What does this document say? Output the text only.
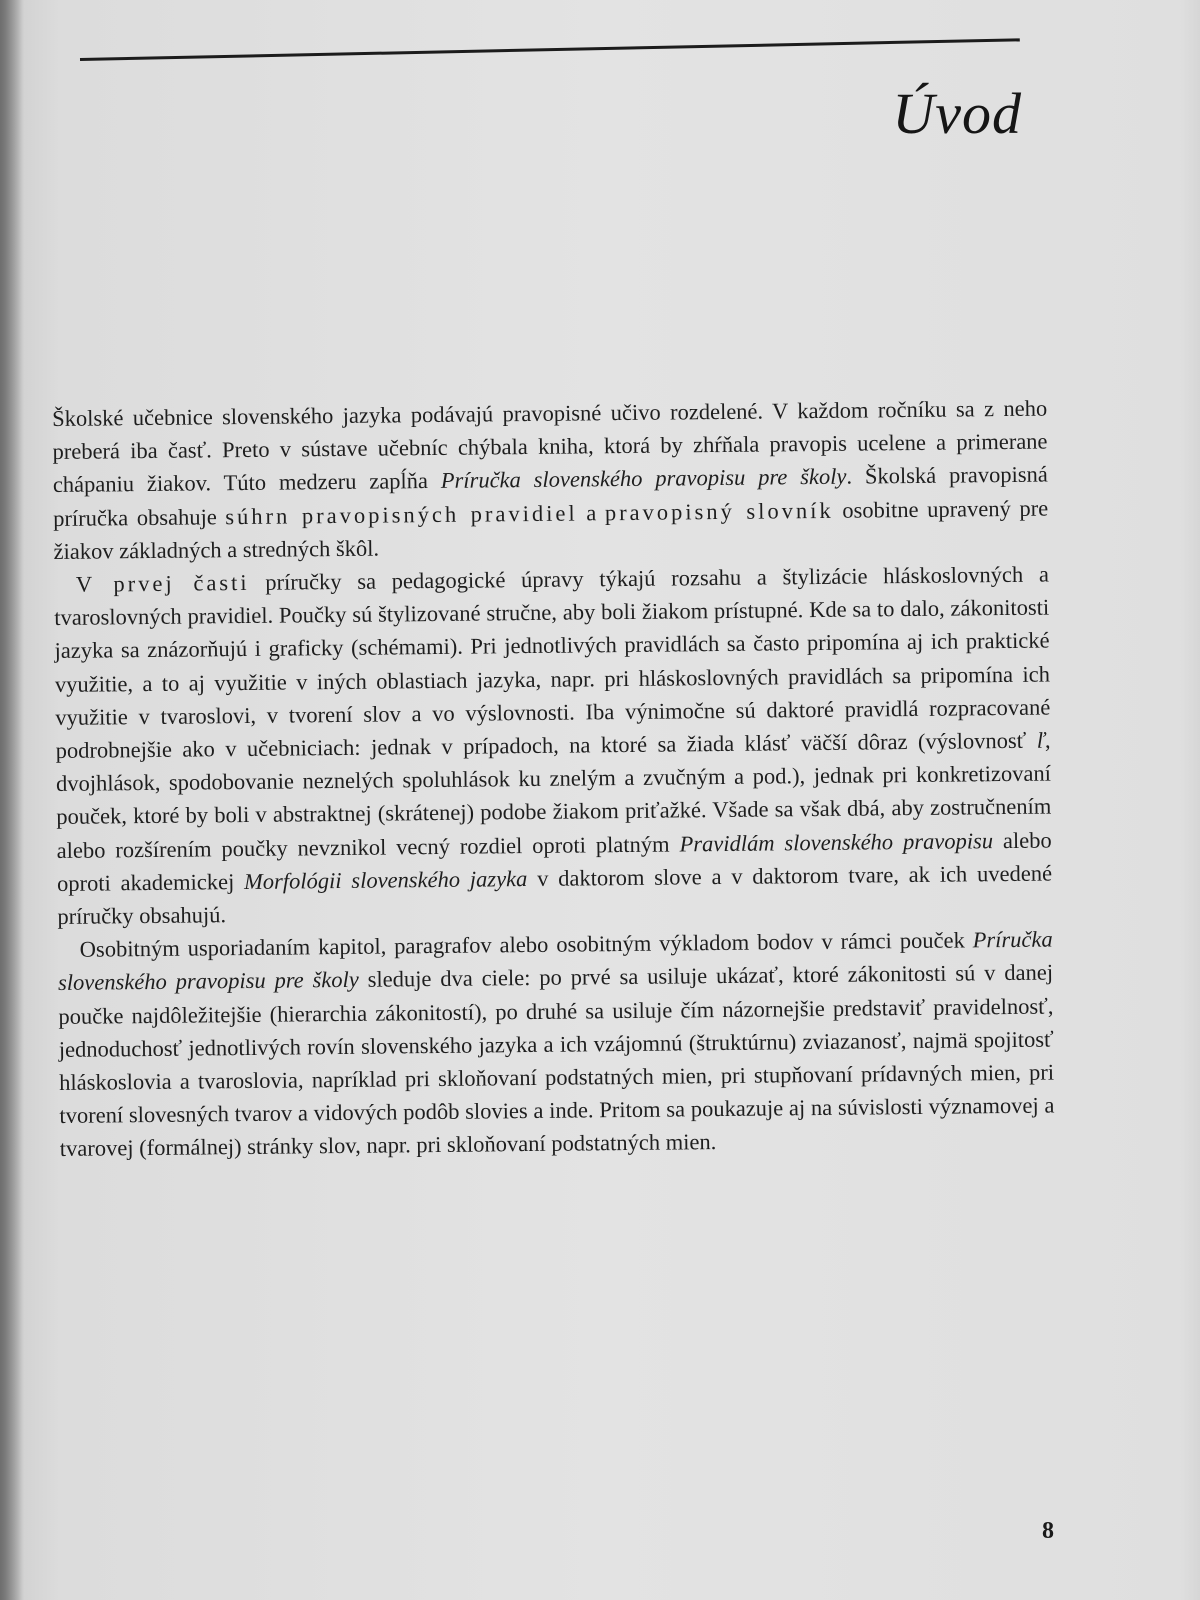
Úvod

Školské učebnice slovenského jazyka podávajú pravopisné učivo rozdelené. V každom ročníku sa z neho preberá iba časť. Preto v sústave učebníc chýbala kniha, ktorá by zhŕňala pravopis ucelene a primerane chápaniu žiakov. Túto medzeru zapĺňa Príručka slovenského pravopisu pre školy. Školská pravopisná príručka obsahuje súhrn pravopisných pravidiel a pravopisný slovník osobitne upravený pre žiakov základných a stredných škôl.

V prvej časti príručky sa pedagogické úpravy týkajú rozsahu a štylizácie hláskoslovných a tvaroslovných pravidiel. Poučky sú štylizované stručne, aby boli žiakom prístupné. Kde sa to dalo, zákonitosti jazyka sa znázorňujú i graficky (schémami). Pri jednotlivých pravidlách sa často pripomína aj ich praktické využitie, a to aj využitie v iných oblastiach jazyka, napr. pri hláskoslovných pravidlách sa pripomína ich využitie v tvaroslovi, v tvorení slov a vo výslovnosti. Iba výnimočne sú daktoré pravidlá rozpracované podrobnejšie ako v učebniciach: jednak v prípadoch, na ktoré sa žiada klásť väčší dôraz (výslovnosť ľ, dvojhlások, spodobovanie neznelých spoluhlások ku znelým a zvučným a pod.), jednak pri konkretizovaní pouček, ktoré by boli v abstraktnej (skrátenej) podobe žiakom priťažké. Všade sa však dbá, aby zostručnením alebo rozšírením poučky nevznikol vecný rozdiel oproti platným Pravidlám slovenského pravopisu alebo oproti akademickej Morfológii slovenského jazyka v daktorom slove a v daktorom tvare, ak ich uvedené príručky obsahujú.

Osobitným usporiadaním kapitol, paragrafov alebo osobitným výkladom bodov v rámci pouček Príručka slovenského pravopisu pre školy sleduje dva ciele: po prvé sa usiluje ukázať, ktoré zákonitosti sú v danej poučke najdôležitejšie (hierarchia zákonitostí), po druhé sa usiluje čím názornejšie predstaviť pravidelnosť, jednoduchosť jednotlivých rovín slovenského jazyka a ich vzájomnú (štruktúrnu) zviazanosť, najmä spojitosť hláskoslovia a tvaroslovia, napríklad pri skloňovaní podstatných mien, pri stupňovaní prídavných mien, pri tvorení slovesných tvarov a vidových podôb slovies a inde. Pritom sa poukazuje aj na súvislosti významovej a tvarovej (formálnej) stránky slov, napr. pri skloňovaní podstatných mien.

8
